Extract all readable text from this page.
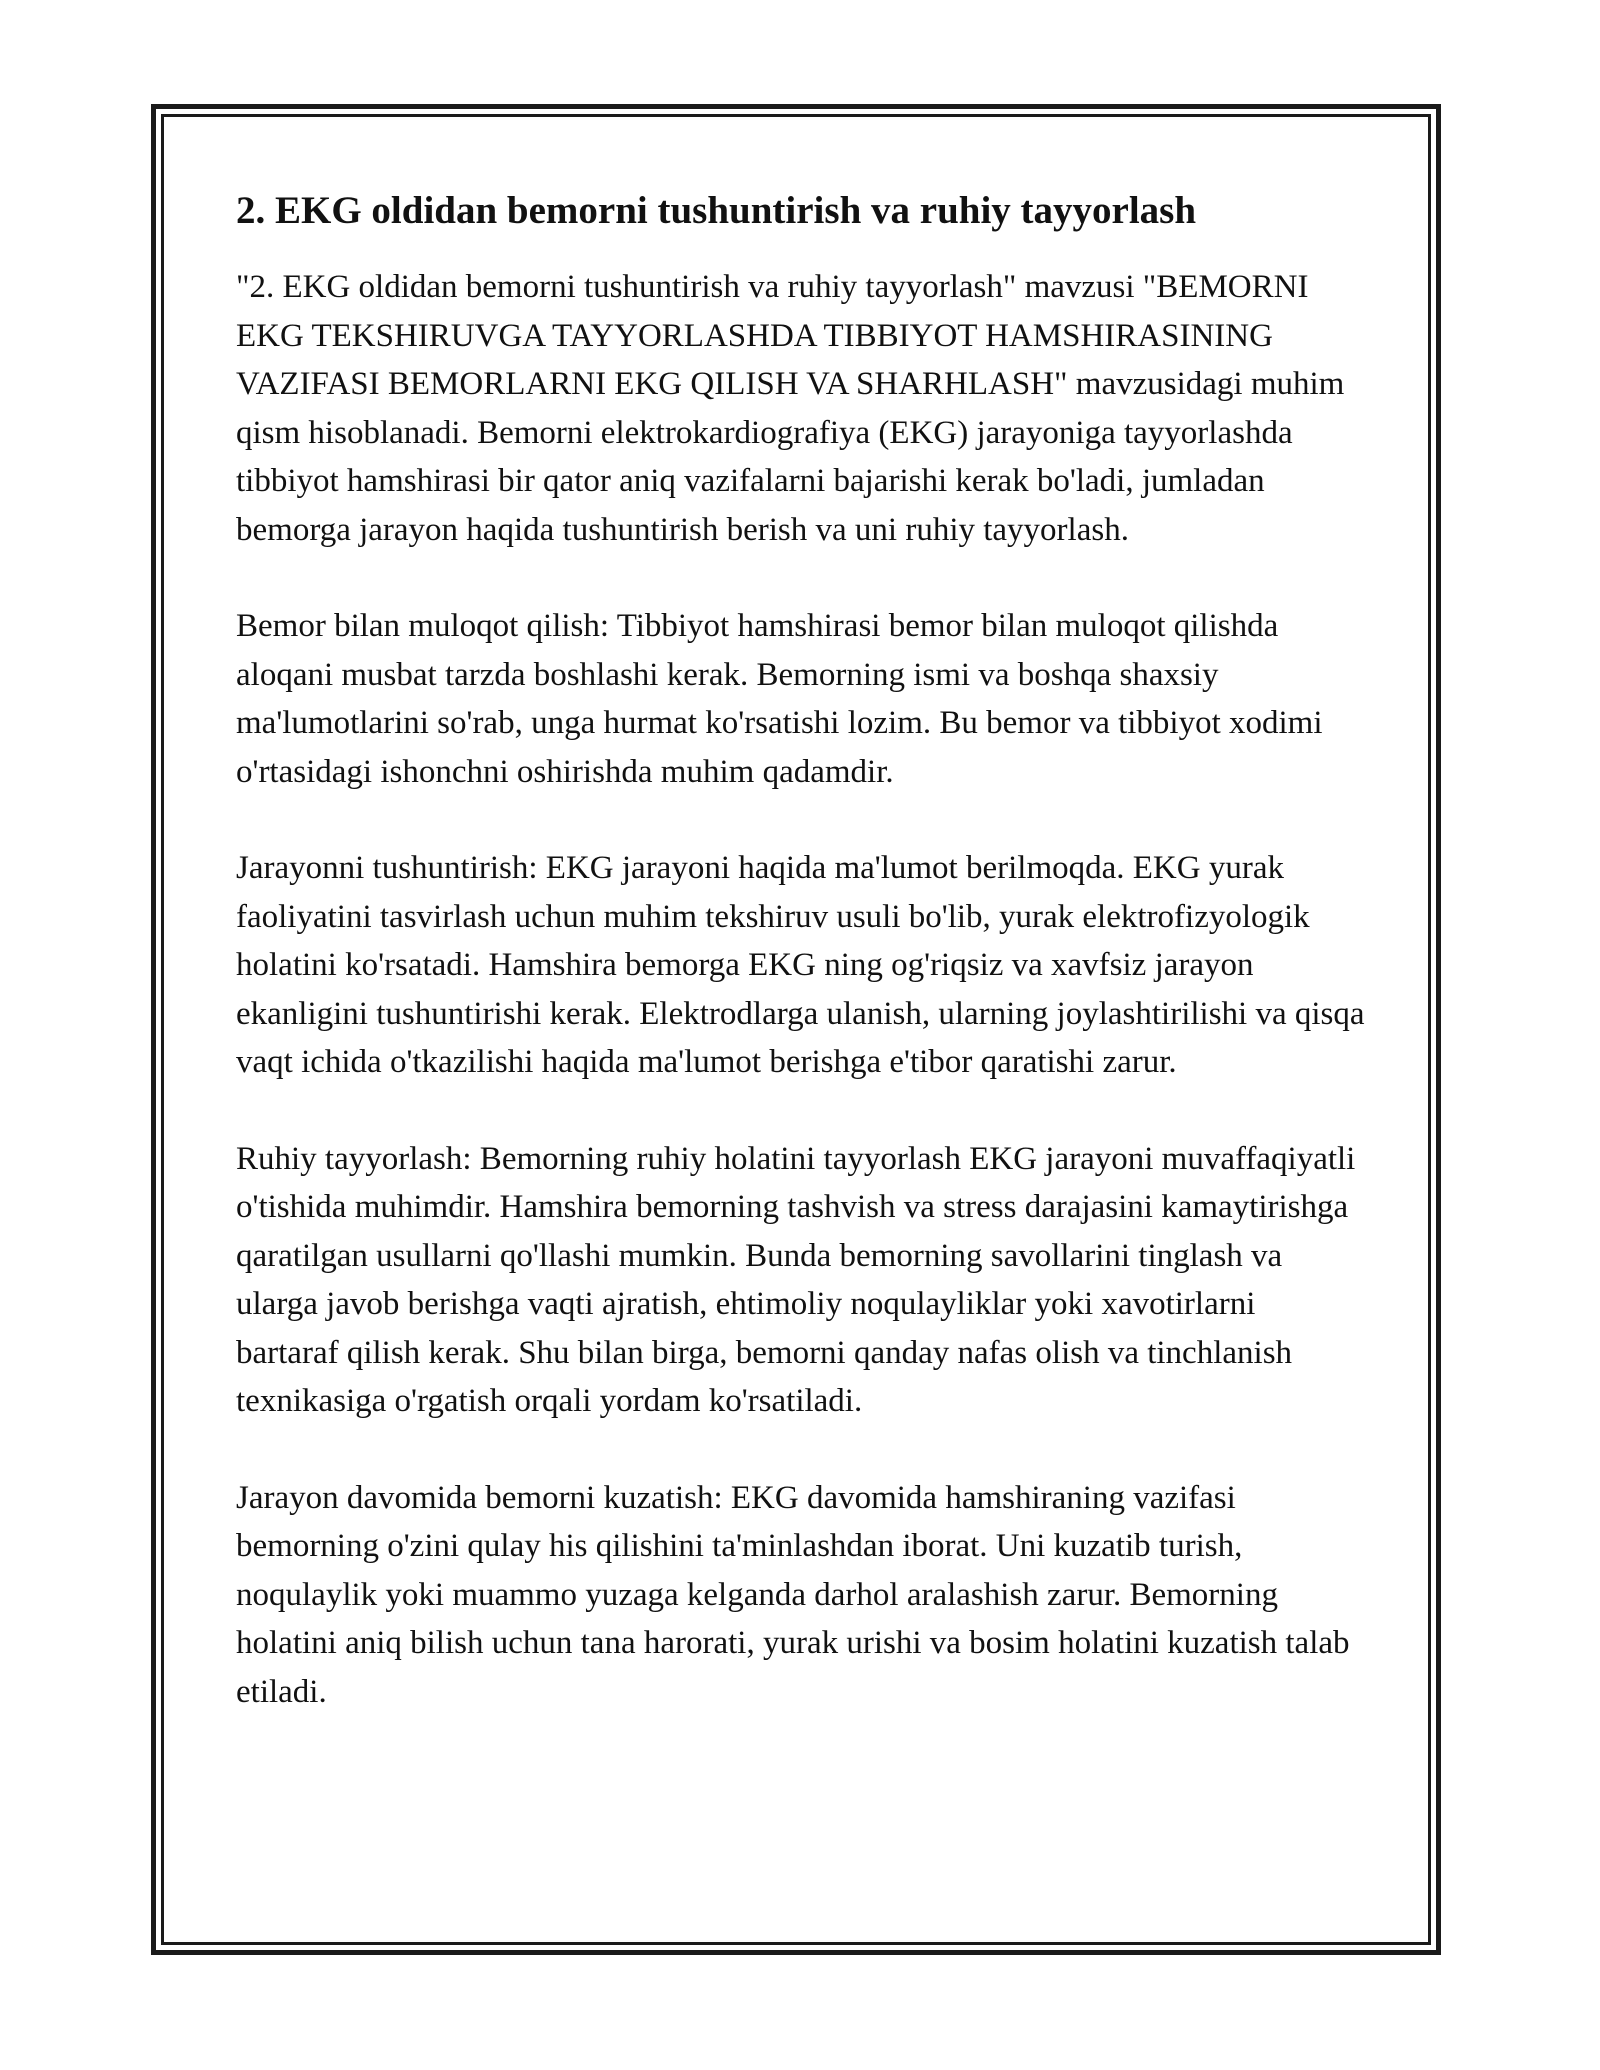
2. EKG oldidan bemorni tushuntirish va ruhiy tayyorlash

"2. EKG oldidan bemorni tushuntirish va ruhiy tayyorlash" mavzusi "BEMORNI EKG TEKSHIRUVGA TAYYORLASHDA TIBBIYOT HAMSHIRASINING VAZIFASI BEMORLARNI EKG QILISH VA SHARHLASH" mavzusidagi muhim qism hisoblanadi. Bemorni elektrokardiografiya (EKG) jarayoniga tayyorlashda tibbiyot hamshirasi bir qator aniq vazifalarni bajarishi kerak bo'ladi, jumladan bemorga jarayon haqida tushuntirish berish va uni ruhiy tayyorlash.

Bemor bilan muloqot qilish: Tibbiyot hamshirasi bemor bilan muloqot qilishda aloqani musbat tarzda boshlashi kerak. Bemorning ismi va boshqa shaxsiy ma'lumotlarini so'rab, unga hurmat ko'rsatishi lozim. Bu bemor va tibbiyot xodimi o'rtasidagi ishonchni oshirishda muhim qadamdir.

Jarayonni tushuntirish: EKG jarayoni haqida ma'lumot berilmoqda. EKG yurak faoliyatini tasvirlash uchun muhim tekshiruv usuli bo'lib, yurak elektrofizyologik holatini ko'rsatadi. Hamshira bemorga EKG ning og'riqsiz va xavfsiz jarayon ekanligini tushuntirishi kerak. Elektrodlarga ulanish, ularning joylashtirilishi va qisqa vaqt ichida o'tkazilishi haqida ma'lumot berishga e'tibor qaratishi zarur.

Ruhiy tayyorlash: Bemorning ruhiy holatini tayyorlash EKG jarayoni muvaffaqiyatli o'tishida muhimdir. Hamshira bemorning tashvish va stress darajasini kamaytirishga qaratilgan usullarni qo'llashi mumkin. Bunda bemorning savollarini tinglash va ularga javob berishga vaqti ajratish, ehtimoliy noqulayliklar yoki xavotirlarni bartaraf qilish kerak. Shu bilan birga, bemorni qanday nafas olish va tinchlanish texnikasiga o'rgatish orqali yordam ko'rsatiladi.

Jarayon davomida bemorni kuzatish: EKG davomida hamshiraning vazifasi bemorning o'zini qulay his qilishini ta'minlashdan iborat. Uni kuzatib turish, noqulaylik yoki muammo yuzaga kelganda darhol aralashish zarur. Bemorning holatini aniq bilish uchun tana harorati, yurak urishi va bosim holatini kuzatish talab etiladi.
